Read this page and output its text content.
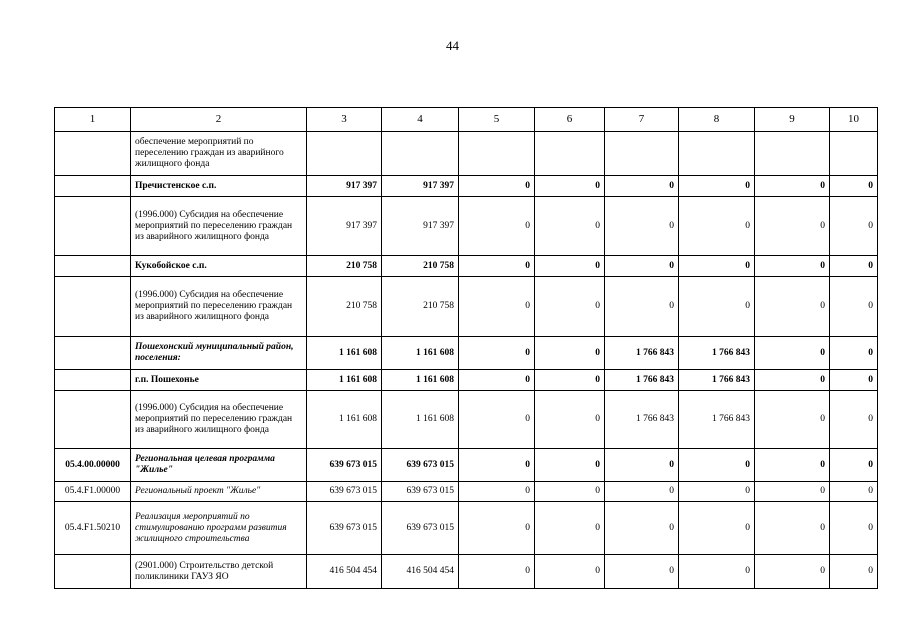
44
1	2	3	4	5	6	7	8	9	10
	обеспечение мероприятий по переселению граждан из аварийного жилищного фонда								
	Пречистенское с.п.	917 397	917 397	0	0	0	0	0	0
	(1996.000) Субсидия на обеспечение мероприятий по переселению граждан из аварийного жилищного фонда	917 397	917 397	0	0	0	0	0	0
	Кукобойское с.п.	210 758	210 758	0	0	0	0	0	0
	(1996.000) Субсидия на обеспечение мероприятий по переселению граждан из аварийного жилищного фонда	210 758	210 758	0	0	0	0	0	0
	Пошехонский муниципальный район, поселения:	1 161 608	1 161 608	0	0	1 766 843	1 766 843	0	0
	г.п. Пошехонье	1 161 608	1 161 608	0	0	1 766 843	1 766 843	0	0
	(1996.000) Субсидия на обеспечение мероприятий по переселению граждан из аварийного жилищного фонда	1 161 608	1 161 608	0	0	1 766 843	1 766 843	0	0
05.4.00.00000	Региональная целевая программа "Жилье"	639 673 015	639 673 015	0	0	0	0	0	0
05.4.F1.00000	Региональный проект "Жилье"	639 673 015	639 673 015	0	0	0	0	0	0
05.4.F1.50210	Реализация мероприятий по стимулированию программ развития жилищного строительства	639 673 015	639 673 015	0	0	0	0	0	0
	(2901.000) Строительство детской поликлиники ГАУЗ ЯО	416 504 454	416 504 454	0	0	0	0	0	0
